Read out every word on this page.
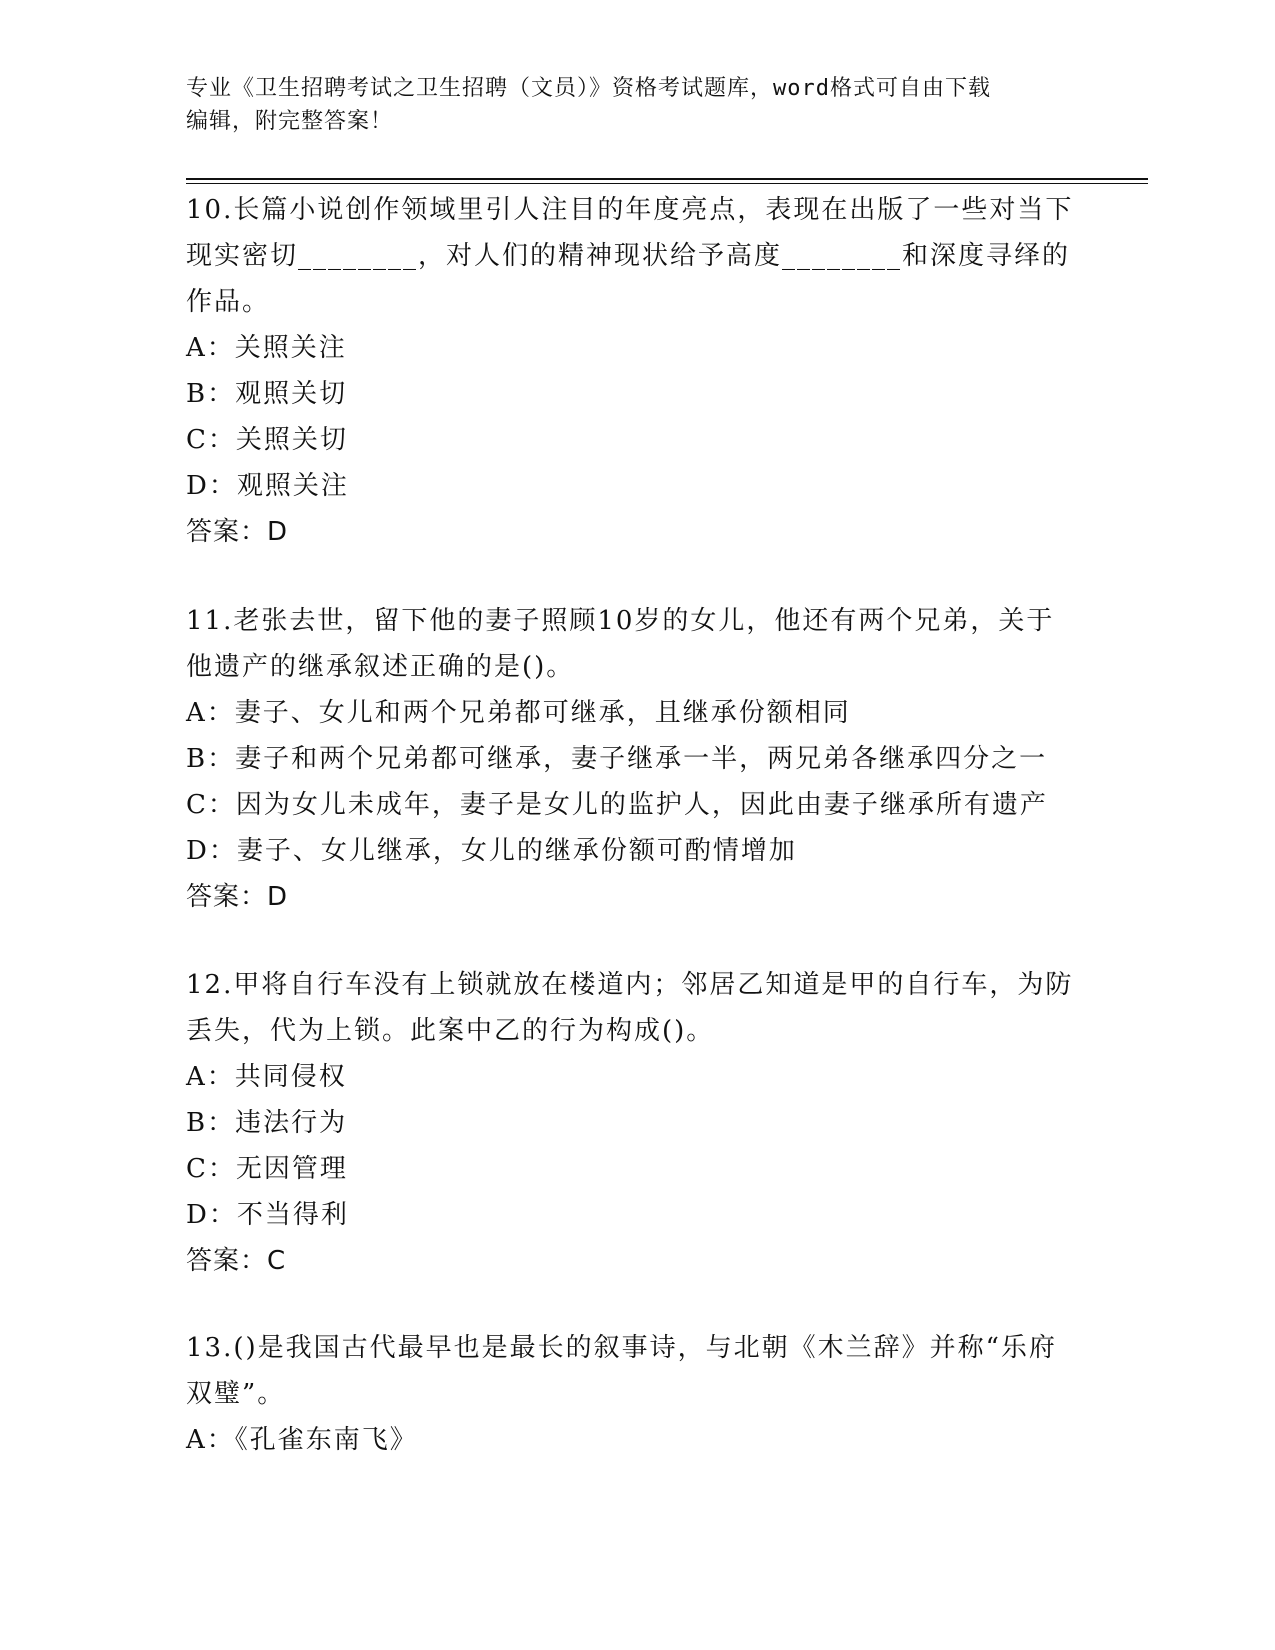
专业《卫生招聘考试之卫生招聘（文员）》资格考试题库，word格式可自由下载
编辑，附完整答案！
10.长篇小说创作领域里引人注目的年度亮点，表现在出版了一些对当下现实密切________，对人们的精神现状给予高度________和深度寻绎的作品。
A：关照关注
B：观照关切
C：关照关切
D：观照关注
答案：D
11.老张去世，留下他的妻子照顾10岁的女儿，他还有两个兄弟，关于他遗产的继承叙述正确的是()。
A：妻子、女儿和两个兄弟都可继承，且继承份额相同
B：妻子和两个兄弟都可继承，妻子继承一半，两兄弟各继承四分之一
C：因为女儿未成年，妻子是女儿的监护人，因此由妻子继承所有遗产
D：妻子、女儿继承，女儿的继承份额可酌情增加
答案：D
12.甲将自行车没有上锁就放在楼道内；邻居乙知道是甲的自行车，为防丢失，代为上锁。此案中乙的行为构成()。
A：共同侵权
B：违法行为
C：无因管理
D：不当得利
答案：C
13.()是我国古代最早也是最长的叙事诗，与北朝《木兰辞》并称“乐府双璧”。
A：《孔雀东南飞》
